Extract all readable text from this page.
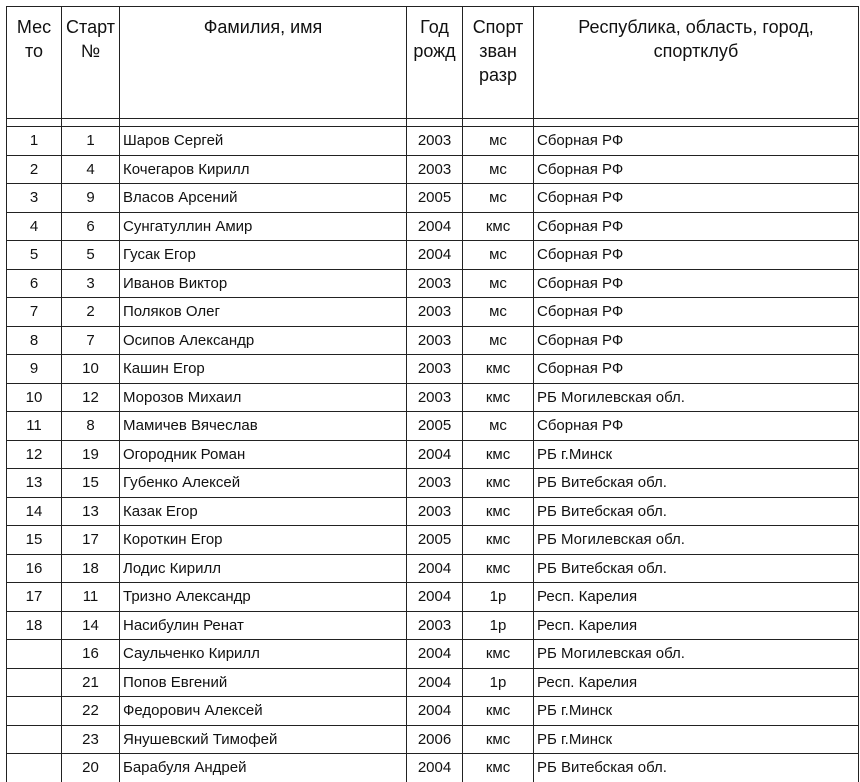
Мес то	Старт №	Фамилия, имя	Год рожд	Спорт зван разр	Республика, область, город, спортклуб

1	1	Шаров Сергей	2003	мс	Сборная РФ
2	4	Кочегаров Кирилл	2003	мс	Сборная РФ
3	9	Власов Арсений	2005	мс	Сборная РФ
4	6	Сунгатуллин Амир	2004	кмс	Сборная РФ
5	5	Гусак Егор	2004	мс	Сборная РФ
6	3	Иванов Виктор	2003	мс	Сборная РФ
7	2	Поляков Олег	2003	мс	Сборная РФ
8	7	Осипов Александр	2003	мс	Сборная РФ
9	10	Кашин Егор	2003	кмс	Сборная РФ
10	12	Морозов Михаил	2003	кмс	РБ Могилевская обл.
11	8	Мамичев Вячеслав	2005	мс	Сборная РФ
12	19	Огородник Роман	2004	кмс	РБ г.Минск
13	15	Губенко Алексей	2003	кмс	РБ Витебская обл.
14	13	Казак Егор	2003	кмс	РБ Витебская обл.
15	17	Короткин Егор	2005	кмс	РБ Могилевская обл.
16	18	Лодис Кирилл	2004	кмс	РБ Витебская обл.
17	11	Тризно Александр	2004	1р	Респ. Карелия
18	14	Насибулин Ренат	2003	1р	Респ. Карелия
	16	Саульченко Кирилл	2004	кмс	РБ Могилевская обл.
	21	Попов Евгений	2004	1р	Респ. Карелия
	22	Федорович Алексей	2004	кмс	РБ г.Минск
	23	Янушевский Тимофей	2006	кмс	РБ г.Минск
	20	Барабуля Андрей	2004	кмс	РБ Витебская обл.
